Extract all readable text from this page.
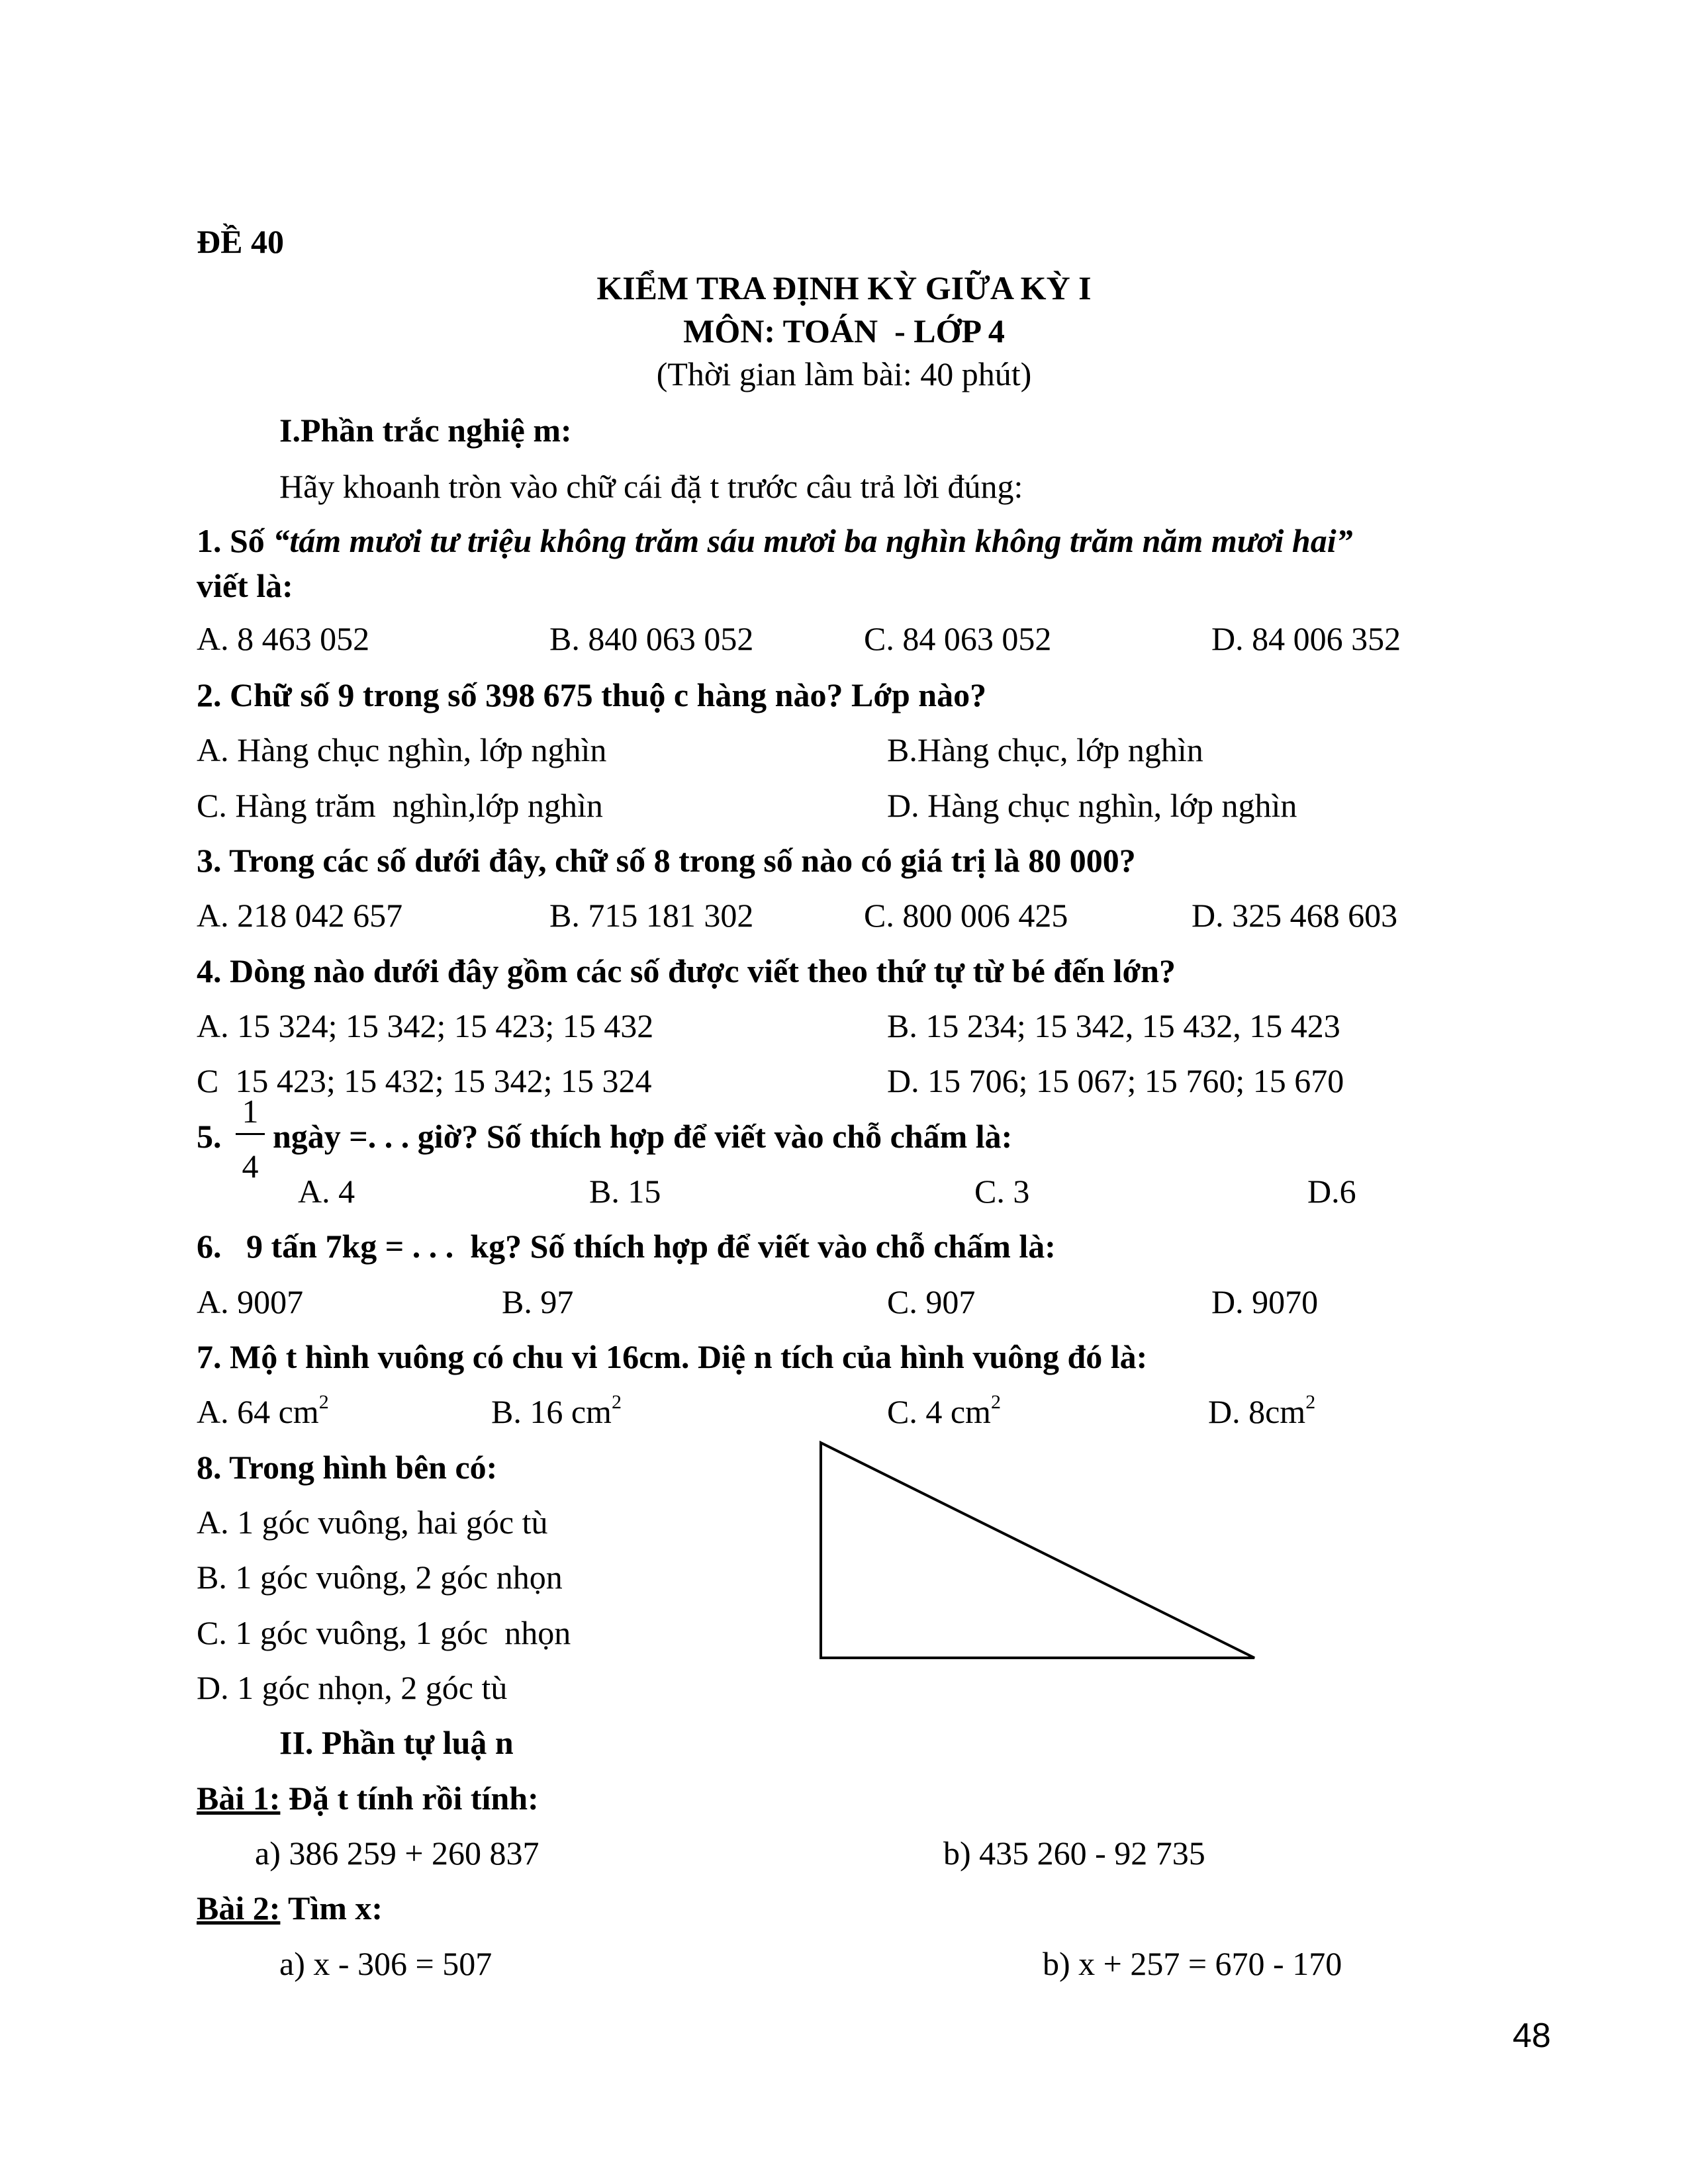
ĐỀ 40
KIỂM TRA ĐỊNH KỲ GIỮA KỲ I
MÔN: TOÁN  - LỚP 4
(Thời gian làm bài: 40 phút)
I.Phần trắc nghiệ m:
Hãy khoanh tròn vào chữ cái đặ t trước câu trả lời đúng:
1. Số “tám mươi tư triệu không trăm sáu mươi ba nghìn không trăm năm mươi hai”
viết là:
A. 8 463 052	B. 840 063 052	C. 84 063 052	D. 84 006 352
2. Chữ số 9 trong số 398 675 thuộ c hàng nào? Lớp nào?
A. Hàng chục nghìn, lớp nghìn	B.Hàng chục, lớp nghìn
C. Hàng trăm  nghìn,lớp nghìn	D. Hàng chục nghìn, lớp nghìn
3. Trong các số dưới đây, chữ số 8 trong số nào có giá trị là 80 000?
A. 218 042 657	B. 715 181 302	C. 800 006 425	D. 325 468 603
4. Dòng nào dưới đây gồm các số được viết theo thứ tự từ bé đến lớn?
A. 15 324; 15 342; 15 423; 15 432	B. 15 234; 15 342, 15 432, 15 423
C  15 423; 15 432; 15 342; 15 324	D. 15 706; 15 067; 15 760; 15 670
5.
1
4
ngày =. . . giờ? Số thích hợp để viết vào chỗ chấm là:
A. 4	B. 15	C. 3	D.6
6.   9 tấn 7kg = . . .  kg? Số thích hợp để viết vào chỗ chấm là:
A. 9007	B. 97	C. 907	D. 9070
7. Mộ t hình vuông có chu vi 16cm. Diệ n tích của hình vuông đó là:
A. 64 $cm^2$	B. 16 $cm^2$	C. 4 $cm^2$	D. $8cm^2$
8. Trong hình bên có:
A. 1 góc vuông, hai góc tù
B. 1 góc vuông, 2 góc nhọn
C. 1 góc vuông, 1 góc  nhọn
D. 1 góc nhọn, 2 góc tù
II. Phần tự luậ n
Bài 1: Đặ t tính rồi tính:
a) 386 259 + 260 837	b) 435 260 - 92 735
Bài 2: Tìm x:
a) x - 306 = 507	b) x + 257 = 670 - 170
48
